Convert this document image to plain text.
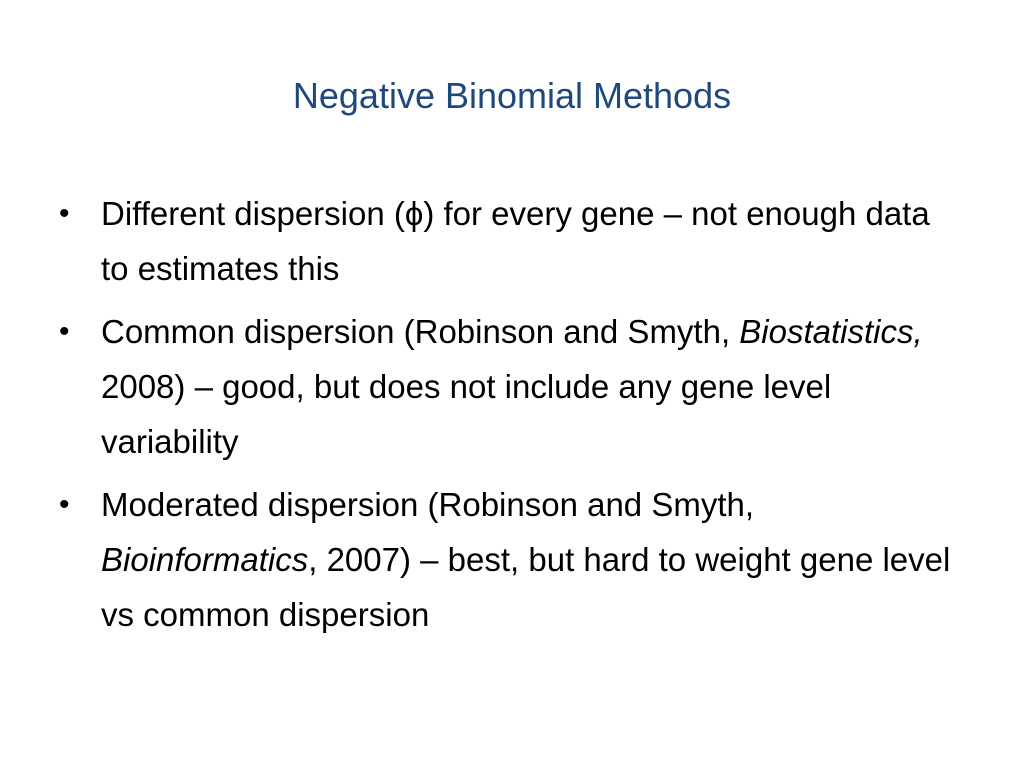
Negative Binomial Methods
• Different dispersion (ϕ) for every gene – not enough data to estimates this
• Common dispersion (Robinson and Smyth, Biostatistics, 2008) – good, but does not include any gene level variability
• Moderated dispersion (Robinson and Smyth, Bioinformatics, 2007) – best, but hard to weight gene level vs common dispersion
